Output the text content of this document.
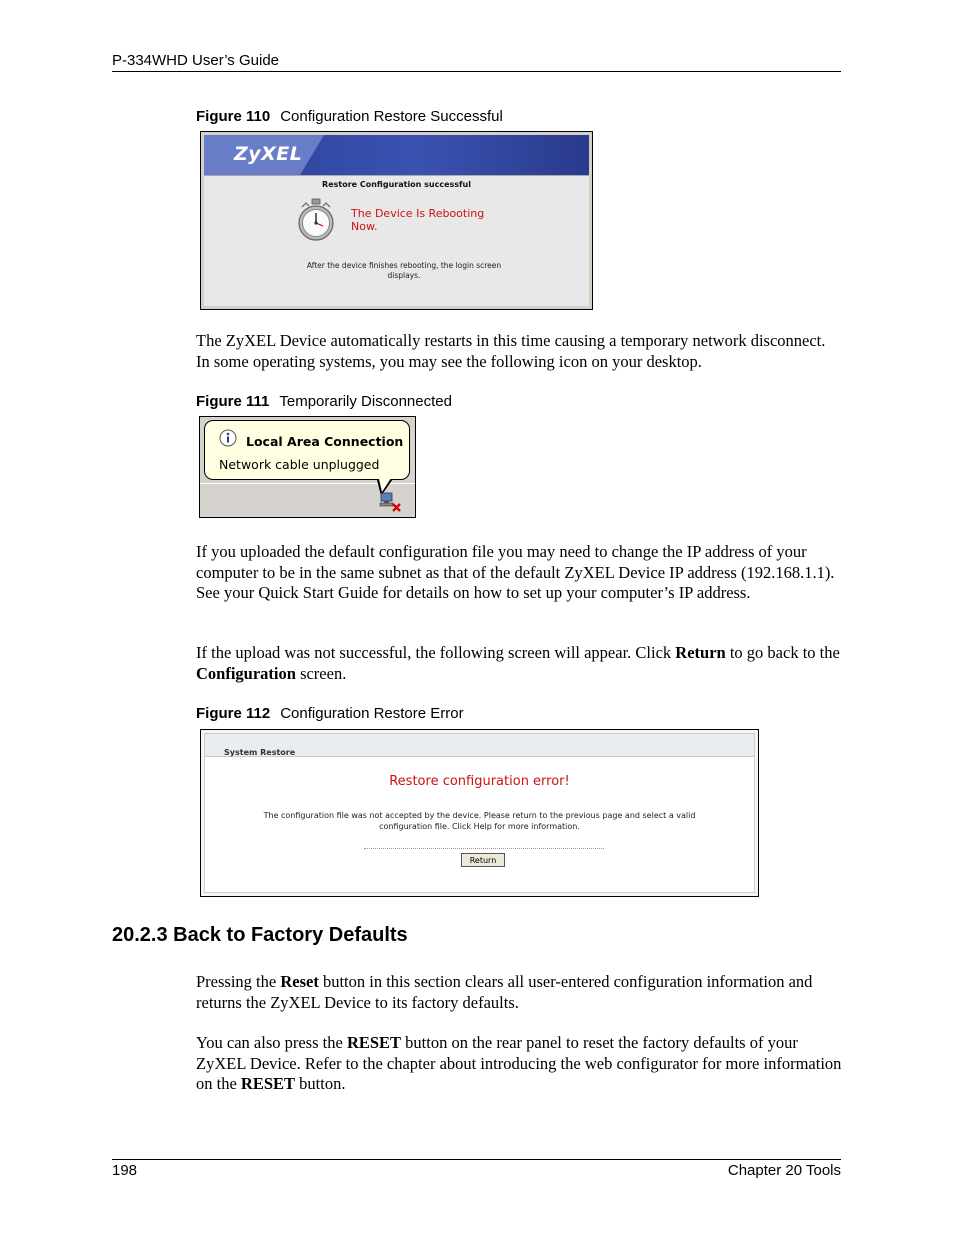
P-334WHD User’s Guide
Figure 110 Configuration Restore Successful
ZyXEL
Restore Configuration successful
The Device Is Rebooting
Now.
After the device finishes rebooting, the login screen
displays.
The ZyXEL Device automatically restarts in this time causing a temporary network disconnect. In some operating systems, you may see the following icon on your desktop.
Figure 111 Temporarily Disconnected
Local Area Connection
Network cable unplugged
If you uploaded the default configuration file you may need to change the IP address of your computer to be in the same subnet as that of the default ZyXEL Device IP address (192.168.1.1). See your Quick Start Guide for details on how to set up your computer’s IP address.
If the upload was not successful, the following screen will appear. Click Return to go back to the Configuration screen.
Figure 112 Configuration Restore Error
System Restore
Restore configuration error!
The configuration file was not accepted by the device. Please return to the previous page and select a valid
configuration file. Click Help for more information.
Return
20.2.3 Back to Factory Defaults
Pressing the Reset button in this section clears all user-entered configuration information and returns the ZyXEL Device to its factory defaults.
You can also press the RESET button on the rear panel to reset the factory defaults of your ZyXEL Device. Refer to the chapter about introducing the web configurator for more information on the RESET button.
198	Chapter 20 Tools
